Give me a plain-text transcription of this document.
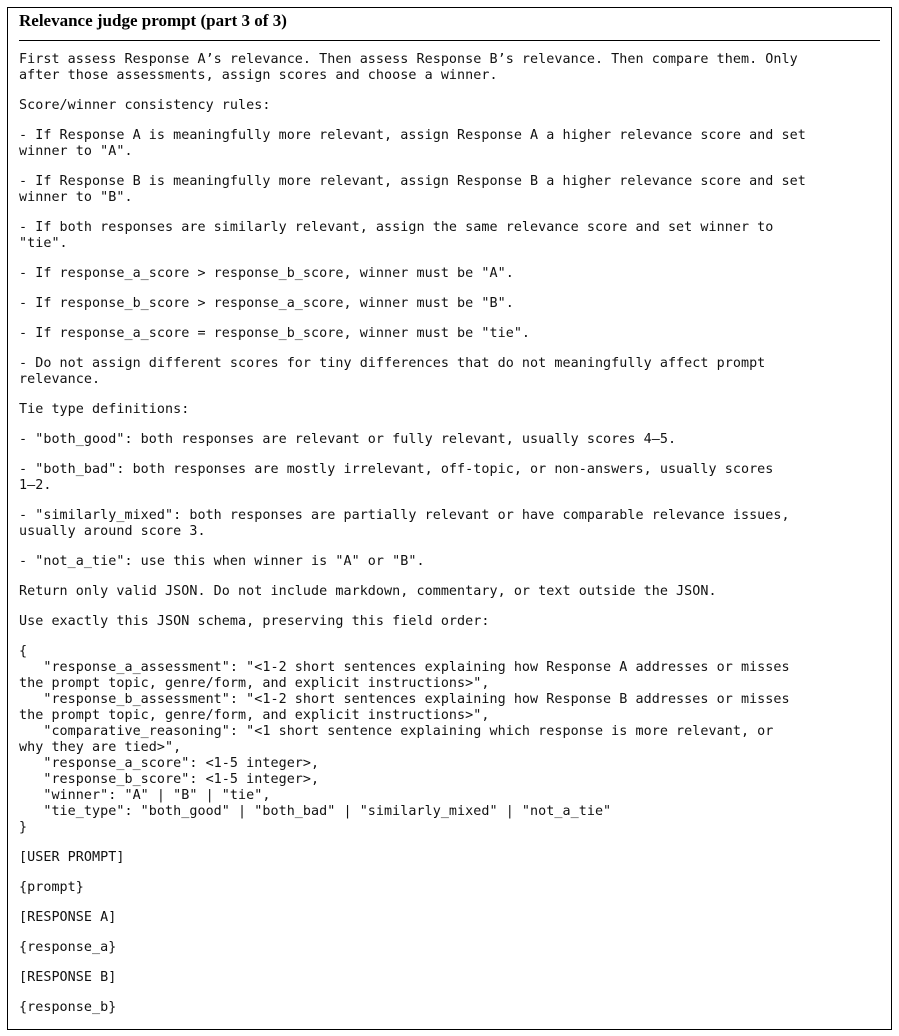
Relevance judge prompt (part 3 of 3)
First assess Response A’s relevance. Then assess Response B’s relevance. Then compare them. Only
after those assessments, assign scores and choose a winner.
Score/winner consistency rules:
- If Response A is meaningfully more relevant, assign Response A a higher relevance score and set
winner to "A".
- If Response B is meaningfully more relevant, assign Response B a higher relevance score and set
winner to "B".
- If both responses are similarly relevant, assign the same relevance score and set winner to
"tie".
- If response_a_score > response_b_score, winner must be "A".
- If response_b_score > response_a_score, winner must be "B".
- If response_a_score = response_b_score, winner must be "tie".
- Do not assign different scores for tiny differences that do not meaningfully affect prompt
relevance.
Tie type definitions:
- "both_good": both responses are relevant or fully relevant, usually scores 4–5.
- "both_bad": both responses are mostly irrelevant, off-topic, or non-answers, usually scores
1–2.
- "similarly_mixed": both responses are partially relevant or have comparable relevance issues,
usually around score 3.
- "not_a_tie": use this when winner is "A" or "B".
Return only valid JSON. Do not include markdown, commentary, or text outside the JSON.
Use exactly this JSON schema, preserving this field order:
{
"response_a_assessment": "<1-2 short sentences explaining how Response A addresses or misses
the prompt topic, genre/form, and explicit instructions>",
"response_b_assessment": "<1-2 short sentences explaining how Response B addresses or misses
the prompt topic, genre/form, and explicit instructions>",
"comparative_reasoning": "<1 short sentence explaining which response is more relevant, or
why they are tied>",
"response_a_score": <1-5 integer>,
"response_b_score": <1-5 integer>,
"winner": "A" | "B" | "tie",
"tie_type": "both_good" | "both_bad" | "similarly_mixed" | "not_a_tie"
}
[USER PROMPT]
{prompt}
[RESPONSE A]
{response_a}
[RESPONSE B]
{response_b}
